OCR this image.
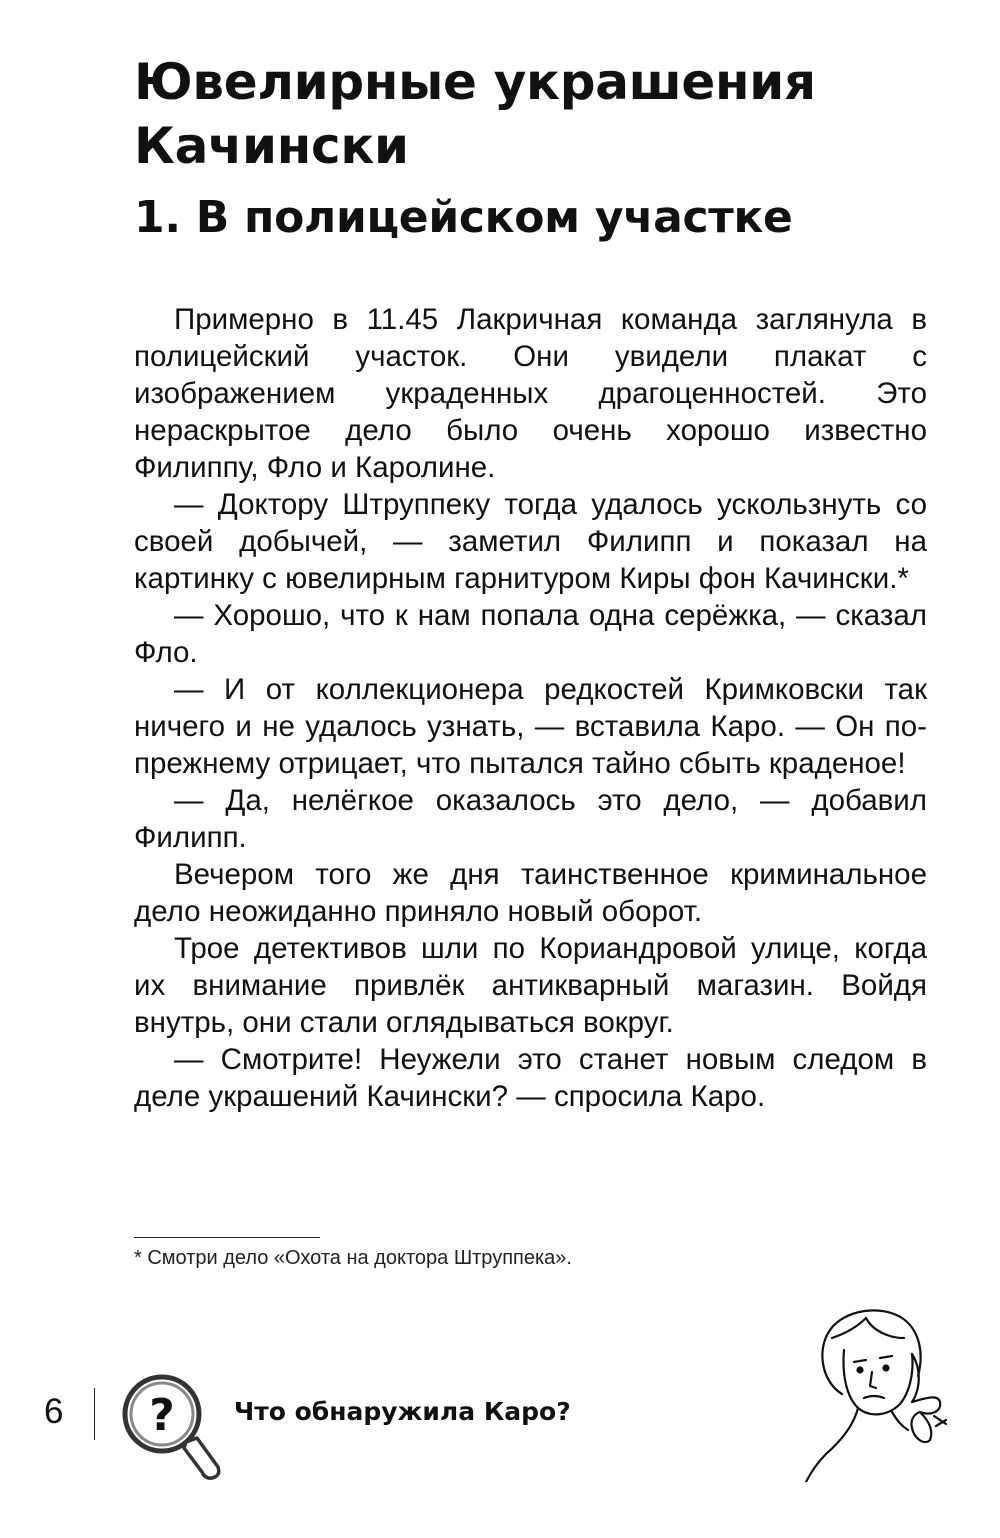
Ювелирные украшения Качински
1. В полицейском участке

Примерно в 11.45 Лакричная команда заглянула в полицейский участок. Они увидели плакат с изображением украденных драгоценностей. Это нераскрытое дело было очень хорошо известно Филиппу, Фло и Каролине.

— Доктору Штруппеку тогда удалось ускользнуть со своей добычей, — заметил Филипп и показал на картинку с ювелирным гарнитуром Киры фон Качински.*

— Хорошо, что к нам попала одна серёжка, — сказал Фло.

— И от коллекционера редкостей Кримковски так ничего и не удалось узнать, — вставила Каро. — Он по-прежнему отрицает, что пытался тайно сбыть краденое!

— Да, нелёгкое оказалось это дело, — добавил Филипп.

Вечером того же дня таинственное криминальное дело неожиданно принялo новый оборот.

Трое детективов шли по Кориандровой улице, когда их внимание привлёк антикварный магазин. Войдя внутрь, они стали оглядываться вокруг.

— Смотрите! Неужели это станет новым следом в деле украшений Качински? — спросила Каро.

* Смотри дело «Охота на доктора Штруппека».
6	? Что обнаружила Каро?
